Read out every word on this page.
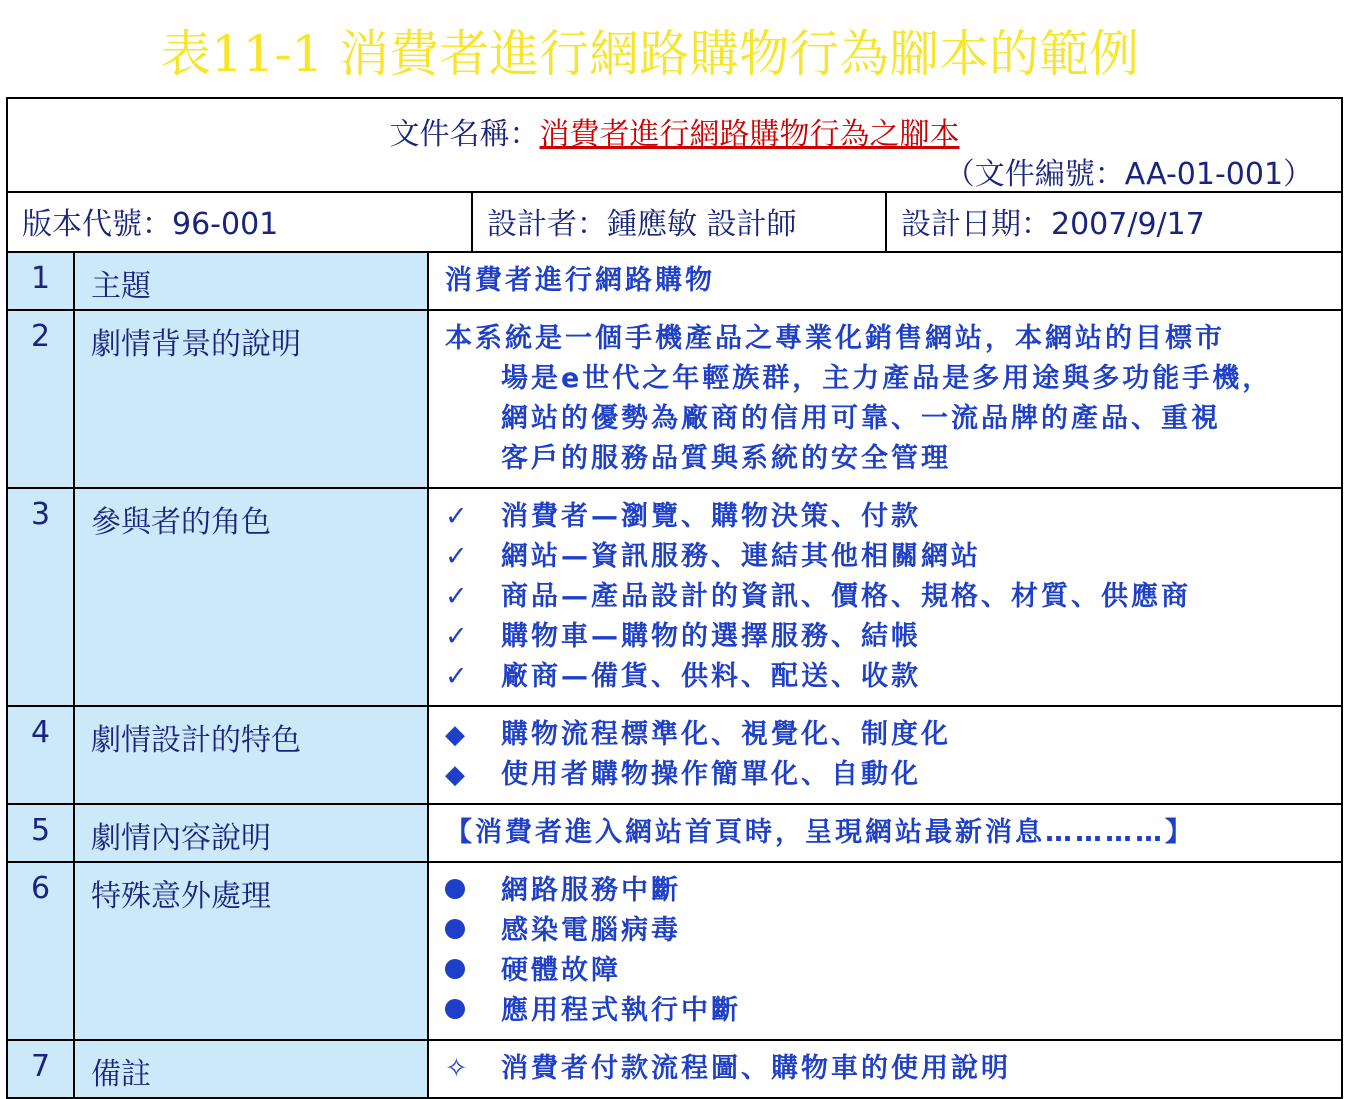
表11-1 消費者進行網路購物行為腳本的範例
文件名稱：消費者進行網路購物行為之腳本
（文件編號：AA-01-001）				

版本代號：96-001			設計者：鍾應敏 設計師	設計日期：2007/9/17
1	主題	消費者進行網路購物		

2	劇情背景的說明	本系統是一個手機產品之專業化銷售網站，本網站的目標市
場是e世代之年輕族群，主力產品是多用途與多功能手機，
網站的優勢為廠商的信用可靠、一流品牌的產品、重視
客戶的服務品質與系統的安全管理		

3	參與者的角色	✓ 消費者—瀏覽、購物決策、付款
✓ 網站—資訊服務、連結其他相關網站
✓ 商品—產品設計的資訊、價格、規格、材質、供應商
✓ 購物車—購物的選擇服務、結帳
✓ 廠商—備貨、供料、配送、收款		

4	劇情設計的特色	◆ 購物流程標準化、視覺化、制度化
◆ 使用者購物操作簡單化、自動化		

5	劇情內容說明	【消費者進入網站首頁時，呈現網站最新消息…………】		

6	特殊意外處理	網路服務中斷
感染電腦病毒
硬體故障
應用程式執行中斷		

7	備註	✧ 消費者付款流程圖、購物車的使用說明		
